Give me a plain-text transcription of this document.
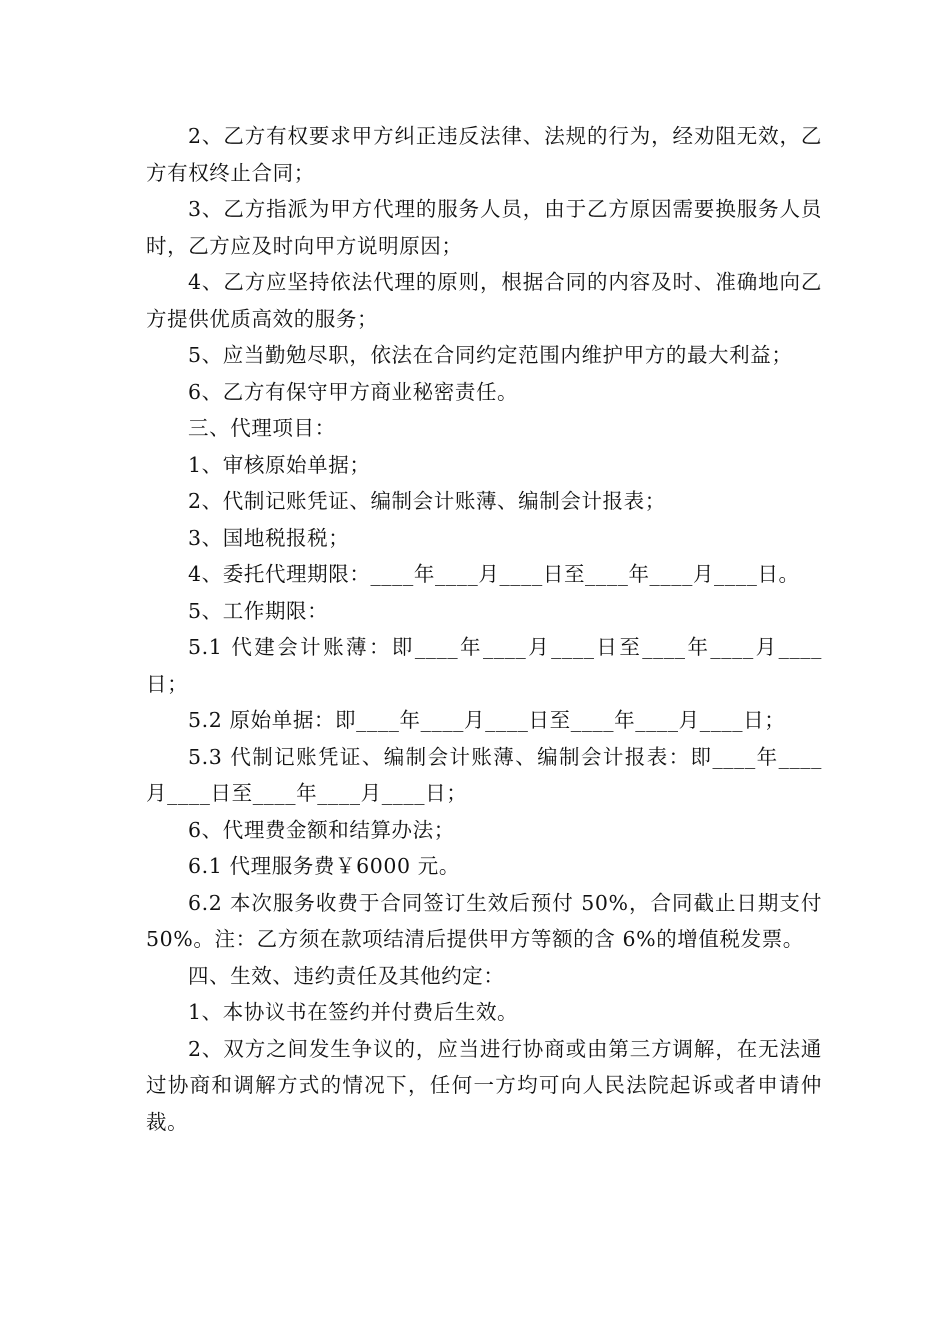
2、乙方有权要求甲方纠正违反法律、法规的行为，经劝阻无效，乙方有权终止合同；

3、乙方指派为甲方代理的服务人员，由于乙方原因需要换服务人员时，乙方应及时向甲方说明原因；

4、乙方应坚持依法代理的原则，根据合同的内容及时、准确地向乙方提供优质高效的服务；

5、应当勤勉尽职，依法在合同约定范围内维护甲方的最大利益；

6、乙方有保守甲方商业秘密责任。

三、代理项目：

1、审核原始单据；

2、代制记账凭证、编制会计账薄、编制会计报表；

3、国地税报税；

4、委托代理期限：____年____月____日至____年____月____日。

5、工作期限：

5.1 代建会计账薄：即____年____月____日至____年____月____日；

5.2 原始单据：即____年____月____日至____年____月____日；

5.3 代制记账凭证、编制会计账薄、编制会计报表：即____年____月____日至____年____月____日；

6、代理费金额和结算办法；

6.1 代理服务费￥6000 元。

6.2 本次服务收费于合同签订生效后预付 50%，合同截止日期支付 50%。注：乙方须在款项结清后提供甲方等额的含 6%的增值税发票。

四、生效、违约责任及其他约定：

1、本协议书在签约并付费后生效。

2、双方之间发生争议的，应当进行协商或由第三方调解，在无法通过协商和调解方式的情况下，任何一方均可向人民法院起诉或者申请仲裁。
